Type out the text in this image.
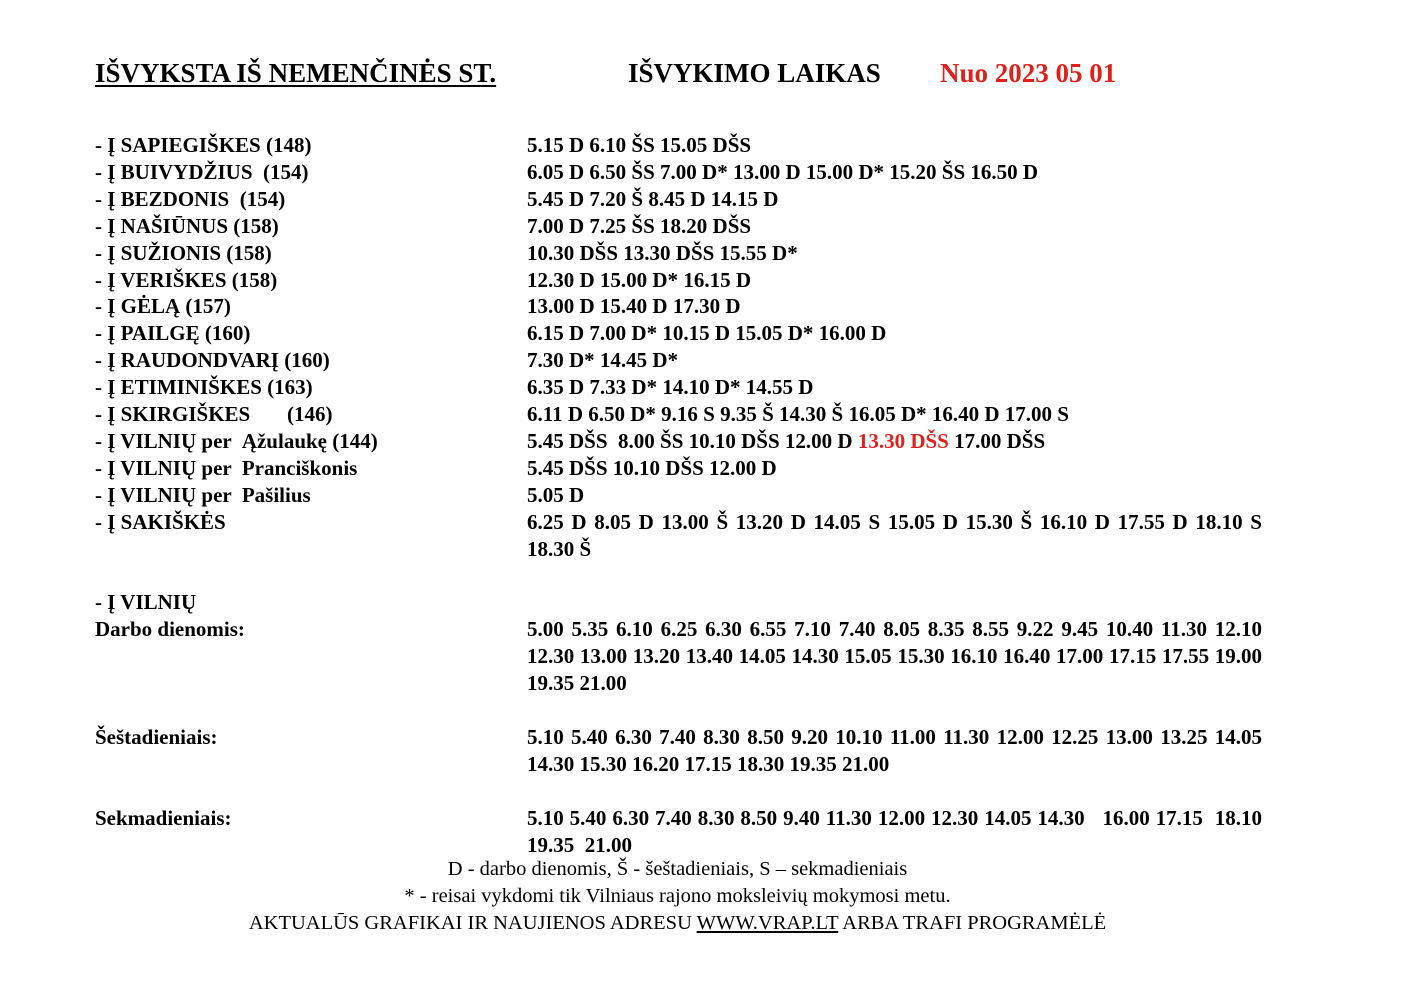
IŠVYKSTA IŠ NEMENČINĖS ST.	IŠVYKIMO LAIKAS Nuo 2023 05 01
- Į SAPIEGIŠKES (148)	5.15 D 6.10 ŠS 15.05 DŠS
- Į BUIVYDŽIUS  (154)	6.05 D 6.50 ŠS 7.00 D* 13.00 D 15.00 D* 15.20 ŠS 16.50 D
- Į BEZDONIS  (154)	5.45 D 7.20 Š 8.45 D 14.15 D
- Į NAŠIŪNUS (158)	7.00 D 7.25 ŠS 18.20 DŠS
- Į SUŽIONIS (158)	10.30 DŠS 13.30 DŠS 15.55 D*
- Į VERIŠKES (158)	12.30 D 15.00 D* 16.15 D
- Į GĖLĄ (157)	13.00 D 15.40 D 17.30 D
- Į PAILGĘ (160)	6.15 D 7.00 D* 10.15 D 15.05 D* 16.00 D
- Į RAUDONDVARĮ (160)	7.30 D* 14.45 D*
- Į ETIMINIŠKES (163)	6.35 D 7.33 D* 14.10 D* 14.55 D
- Į SKIRGIŠKES       (146)	6.11 D 6.50 D* 9.16 S 9.35 Š 14.30 Š 16.05 D* 16.40 D 17.00 S
- Į VILNIŲ per  Ąžulaukę (144)	5.45 DŠS  8.00 ŠS 10.10 DŠS 12.00 D 13.30 DŠS 17.00 DŠS
- Į VILNIŲ per  Pranciškonis	5.45 DŠS 10.10 DŠS 12.00 D
- Į VILNIŲ per  Pašilius	5.05 D
- Į SAKIŠKĖS	6.25 D 8.05 D 13.00 Š 13.20 D 14.05 S 15.05 D 15.30 Š 16.10 D 17.55 D 18.10 S 18.30 Š
- Į VILNIŲ
Darbo dienomis:	5.00 5.35 6.10 6.25 6.30 6.55 7.10 7.40 8.05 8.35 8.55 9.22 9.45 10.40 11.30 12.10 12.30 13.00 13.20 13.40 14.05 14.30 15.05 15.30 16.10 16.40 17.00 17.15 17.55 19.00 19.35 21.00
Šeštadieniais:	5.10 5.40 6.30 7.40 8.30 8.50 9.20 10.10 11.00 11.30 12.00 12.25 13.00 13.25 14.05 14.30 15.30 16.20 17.15 18.30 19.35 21.00
Sekmadieniais:	5.10 5.40 6.30 7.40 8.30 8.50 9.40 11.30 12.00 12.30 14.05 14.30   16.00 17.15  18.10 19.35  21.00
D - darbo dienomis, Š - šeštadieniais, S – sekmadieniais
* - reisai vykdomi tik Vilniaus rajono moksleivių mokymosi metu.
AKTUALŪS GRAFIKAI IR NAUJIENOS ADRESU WWW.VRAP.LT ARBA TRAFI PROGRAMĖLĖ
